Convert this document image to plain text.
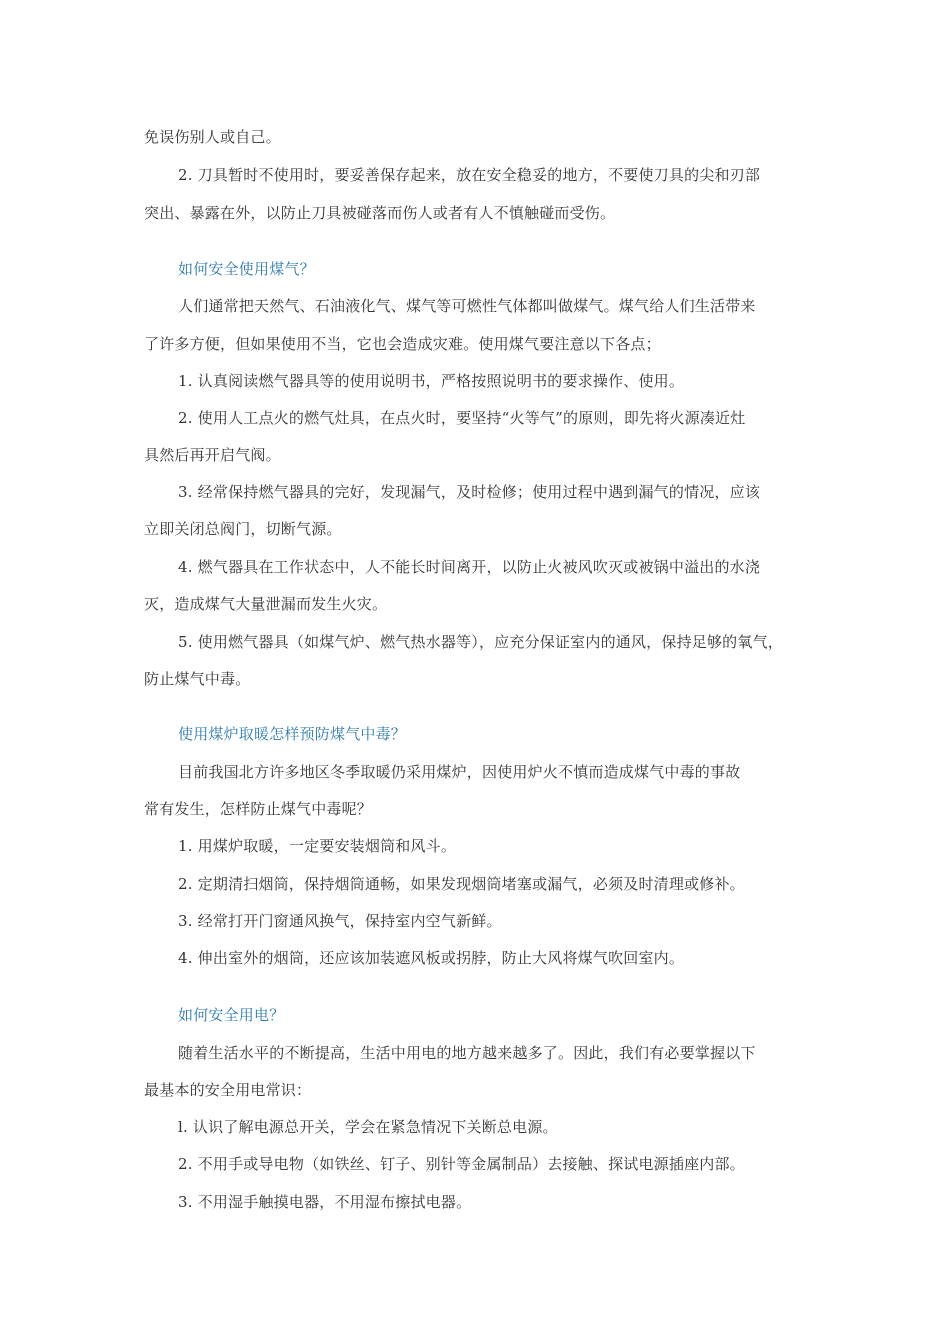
免误伤别人或自己。
2. 刀具暂时不使用时，要妥善保存起来，放在安全稳妥的地方，不要使刀具的尖和刃部
突出、暴露在外，以防止刀具被碰落而伤人或者有人不慎触碰而受伤。
如何安全使用煤气？
人们通常把天然气、石油液化气、煤气等可燃性气体都叫做煤气。煤气给人们生活带来
了许多方便，但如果使用不当，它也会造成灾难。使用煤气要注意以下各点；
1. 认真阅读燃气器具等的使用说明书，严格按照说明书的要求操作、使用。
2. 使用人工点火的燃气灶具，在点火时，要坚持“火等气”的原则，即先将火源凑近灶
具然后再开启气阀。
3. 经常保持燃气器具的完好，发现漏气，及时检修；使用过程中遇到漏气的情况，应该
立即关闭总阀门，切断气源。
4. 燃气器具在工作状态中，人不能长时间离开，以防止火被风吹灭或被锅中溢出的水浇
灭，造成煤气大量泄漏而发生火灾。
5. 使用燃气器具（如煤气炉、燃气热水器等），应充分保证室内的通风，保持足够的氧气，
防止煤气中毒。
使用煤炉取暖怎样预防煤气中毒？
目前我国北方许多地区冬季取暖仍采用煤炉，因使用炉火不慎而造成煤气中毒的事故
常有发生，怎样防止煤气中毒呢？
1. 用煤炉取暖，一定要安装烟筒和风斗。
2. 定期清扫烟筒，保持烟筒通畅，如果发现烟筒堵塞或漏气，必须及时清理或修补。
3. 经常打开门窗通风换气，保持室内空气新鲜。
4. 伸出室外的烟筒，还应该加装遮风板或拐脖，防止大风将煤气吹回室内。
如何安全用电？
随着生活水平的不断提高，生活中用电的地方越来越多了。因此，我们有必要掌握以下
最基本的安全用电常识：
l. 认识了解电源总开关，学会在紧急情况下关断总电源。
2. 不用手或导电物（如铁丝、钉子、别针等金属制品）去接触、探试电源插座内部。
3. 不用湿手触摸电器，不用湿布擦拭电器。
